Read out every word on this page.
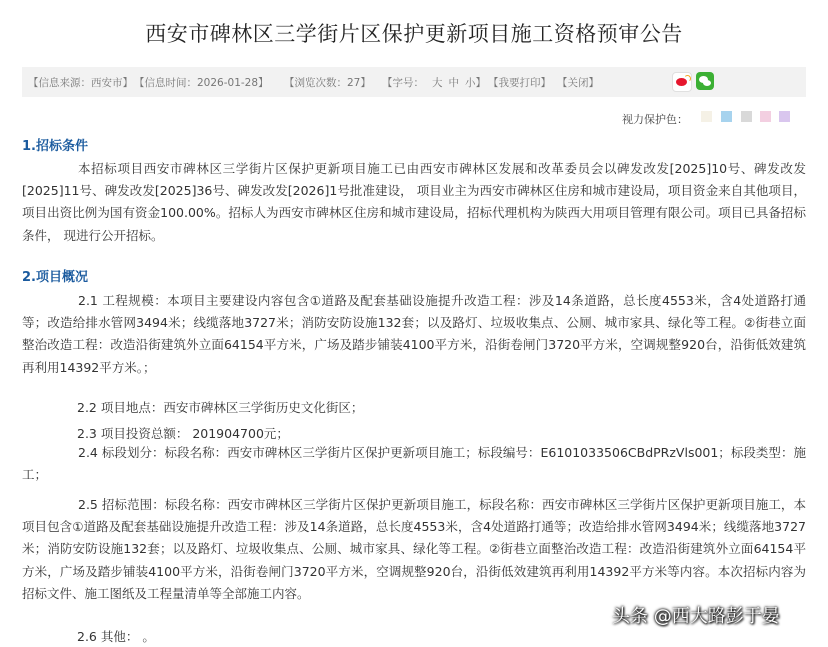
西安市碑林区三学街片区保护更新项目施工资格预审公告
【信息来源：西安市】 【信息时间：2026-01-28】 【浏览次数：27】 【字号： 大 中 小】 【我要打印】 【关闭】
视力保护色：
1.招标条件
本招标项目西安市碑林区三学街片区保护更新项目施工已由西安市碑林区发展和改革委员会以碑发改发[2025]10号、碑发改发[2025]11号、碑发改发[2025]36号、碑发改发[2026]1号批准建设， 项目业主为西安市碑林区住房和城市建设局，项目资金来自其他项目，项目出资比例为国有资金100.00%。招标人为西安市碑林区住房和城市建设局，招标代理机构为陕西大用项目管理有限公司。项目已具备招标条件， 现进行公开招标。
2.项目概况
2.1 工程规模：本项目主要建设内容包含①道路及配套基础设施提升改造工程：涉及14条道路，总长度4553米，含4处道路打通等；改造给排水管网3494米；线缆落地3727米；消防安防设施132套；以及路灯、垃圾收集点、公厕、城市家具、绿化等工程。②街巷立面整治改造工程：改造沿街建筑外立面64154平方米，广场及踏步铺装4100平方米，沿街卷闸门3720平方米，空调规整920台，沿街低效建筑再利用14392平方米。；
2.2 项目地点：西安市碑林区三学街历史文化街区；
2.3 项目投资总额： 201904700元；
2.4 标段划分：标段名称：西安市碑林区三学街片区保护更新项目施工；标段编号：E6101033506CBdPRzVls001；标段类型：施工；
2.5 招标范围：标段名称：西安市碑林区三学街片区保护更新项目施工，标段名称：西安市碑林区三学街片区保护更新项目施工，本项目包含①道路及配套基础设施提升改造工程：涉及14条道路，总长度4553米，含4处道路打通等；改造给排水管网3494米；线缆落地3727米；消防安防设施132套；以及路灯、垃圾收集点、公厕、城市家具、绿化等工程。②街巷立面整治改造工程：改造沿街建筑外立面64154平方米，广场及踏步铺装4100平方米，沿街卷闸门3720平方米，空调规整920台，沿街低效建筑再利用14392平方米等内容。本次招标内容为招标文件、施工图纸及工程量清单等全部施工内容。
2.6 其他： 。
头条 @西大路彭于晏
